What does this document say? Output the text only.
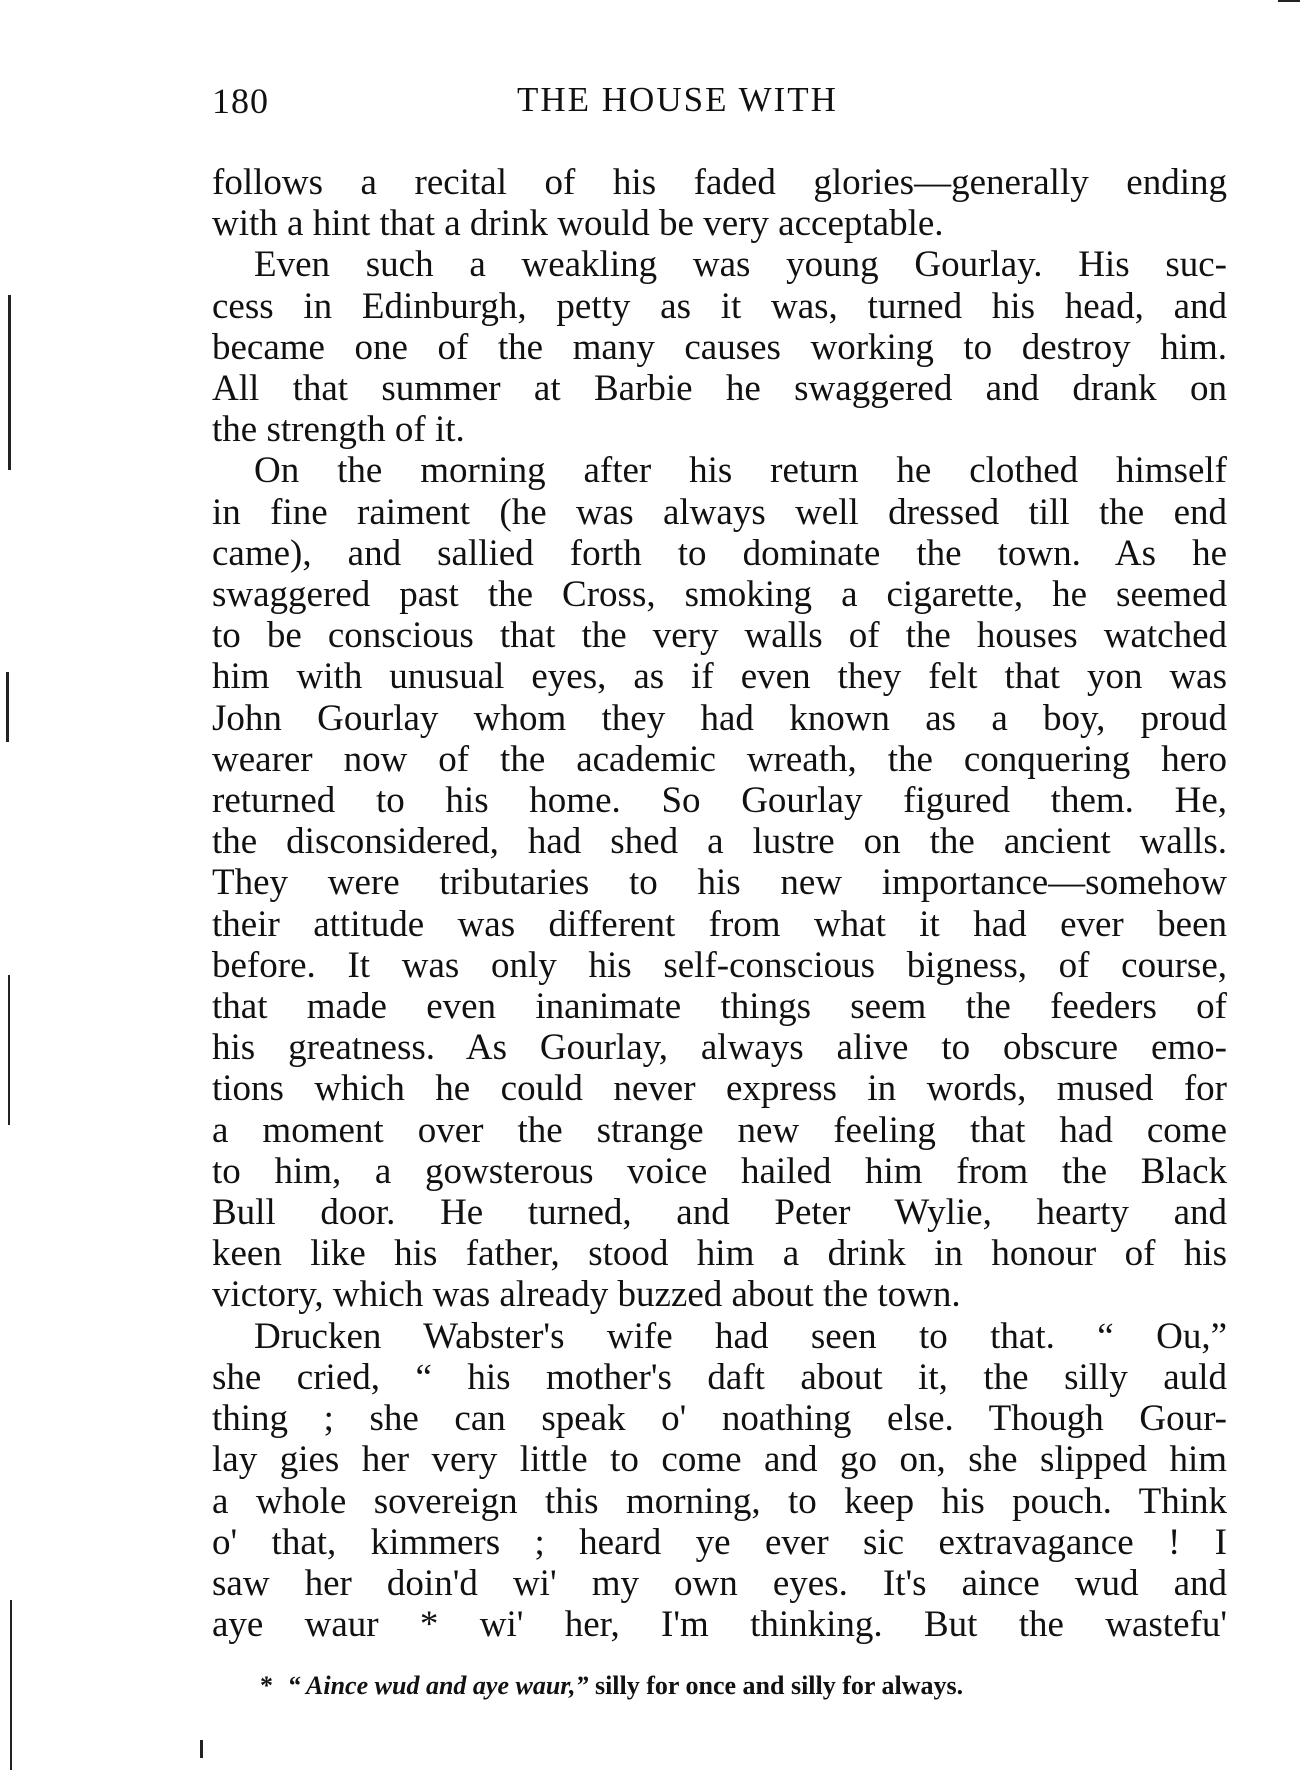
180	THE HOUSE WITH

follows a recital of his faded glories—generally ending
with a hint that a drink would be very acceptable.

Even such a weakling was young Gourlay. His suc-
cess in Edinburgh, petty as it was, turned his head, and
became one of the many causes working to destroy him.
All that summer at Barbie he swaggered and drank on
the strength of it.

On the morning after his return he clothed himself
in fine raiment (he was always well dressed till the end
came), and sallied forth to dominate the town. As he
swaggered past the Cross, smoking a cigarette, he seemed
to be conscious that the very walls of the houses watched
him with unusual eyes, as if even they felt that yon was
John Gourlay whom they had known as a boy, proud
wearer now of the academic wreath, the conquering hero
returned to his home. So Gourlay figured them. He,
the disconsidered, had shed a lustre on the ancient walls.
They were tributaries to his new importance—somehow
their attitude was different from what it had ever been
before. It was only his self-conscious bigness, of course,
that made even inanimate things seem the feeders of
his greatness. As Gourlay, always alive to obscure emo-
tions which he could never express in words, mused for
a moment over the strange new feeling that had come
to him, a gowsterous voice hailed him from the Black
Bull door. He turned, and Peter Wylie, hearty and
keen like his father, stood him a drink in honour of his
victory, which was already buzzed about the town.

Drucken Wabster's wife had seen to that. “ Ou,”
she cried, “ his mother's daft about it, the silly auld
thing ; she can speak o' noathing else. Though Gour-
lay gies her very little to come and go on, she slipped him
a whole sovereign this morning, to keep his pouch. Think
o' that, kimmers ; heard ye ever sic extravagance ! I
saw her doin'd wi' my own eyes. It's aince wud and
aye waur * wi' her, I'm thinking. But the wastefu'

* “ Aince wud and aye waur,” silly for once and silly for always.
